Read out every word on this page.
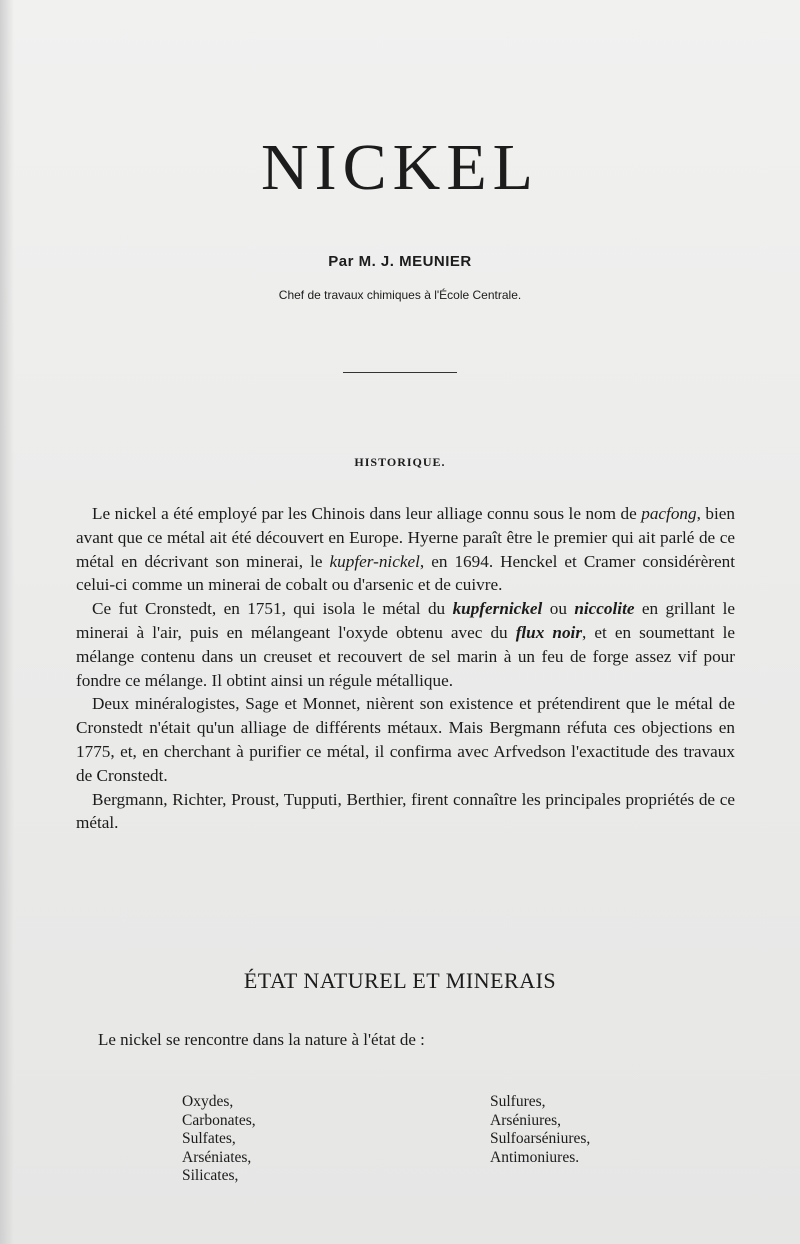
NICKEL
Par M. J. MEUNIER
Chef de travaux chimiques à l'École Centrale.
HISTORIQUE.

Le nickel a été employé par les Chinois dans leur alliage connu sous le nom de pacfong, bien avant que ce métal ait été découvert en Europe. Hyerne paraît être le premier qui ait parlé de ce métal en décrivant son minerai, le kupfer-nickel, en 1694. Henckel et Cramer considérèrent celui-ci comme un minerai de cobalt ou d'arsenic et de cuivre.

Ce fut Cronstedt, en 1751, qui isola le métal du kupfernickel ou niccolite en grillant le minerai à l'air, puis en mélangeant l'oxyde obtenu avec du flux noir, et en soumettant le mélange contenu dans un creuset et recouvert de sel marin à un feu de forge assez vif pour fondre ce mélange. Il obtint ainsi un régule métallique.

Deux minéralogistes, Sage et Monnet, nièrent son existence et prétendirent que le métal de Cronstedt n'était qu'un alliage de différents métaux. Mais Bergmann réfuta ces objections en 1775, et, en cherchant à purifier ce métal, il confirma avec Arfvedson l'exactitude des travaux de Cronstedt.

Bergmann, Richter, Proust, Tupputi, Berthier, firent connaître les principales propriétés de ce métal.

ÉTAT NATUREL ET MINERAIS
Le nickel se rencontre dans la nature à l'état de :
Oxydes,
Carbonates,
Sulfates,
Arséniates,
Silicates,
Sulfures,
Arséniures,
Sulfoarséniures,
Antimoniures.
